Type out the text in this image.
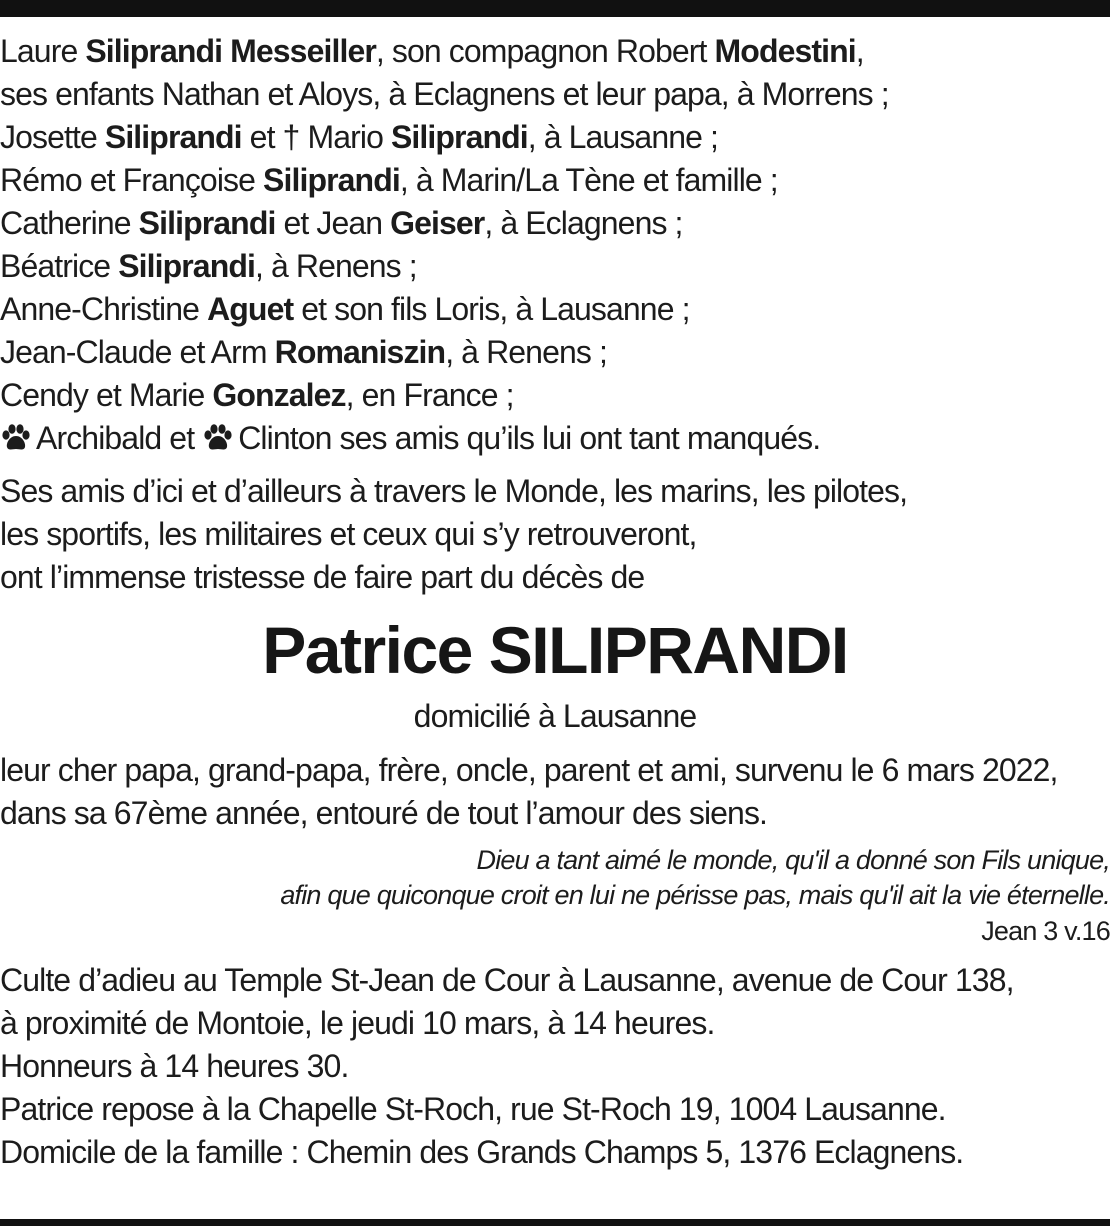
Laure Siliprandi Messeiller, son compagnon Robert Modestini,
ses enfants Nathan et Aloys, à Eclagnens et leur papa, à Morrens ;
Josette Siliprandi et † Mario Siliprandi, à Lausanne ;
Rémo et Françoise Siliprandi, à Marin/La Tène et famille ;
Catherine Siliprandi et Jean Geiser, à Eclagnens ;
Béatrice Siliprandi, à Renens ;
Anne-Christine Aguet et son fils Loris, à Lausanne ;
Jean-Claude et Arm Romaniszin, à Renens ;
Cendy et Marie Gonzalez, en France ;
Archibald et Clinton ses amis qu’ils lui ont tant manqués.
Ses amis d’ici et d’ailleurs à travers le Monde, les marins, les pilotes,
les sportifs, les militaires et ceux qui s’y retrouveront,
ont l’immense tristesse de faire part du décès de
Patrice SILIPRANDI
domicilié à Lausanne
leur cher papa, grand-papa, frère, oncle, parent et ami, survenu le 6 mars 2022,
dans sa 67ème année, entouré de tout l’amour des siens.
Dieu a tant aimé le monde, qu'il a donné son Fils unique,
afin que quiconque croit en lui ne périsse pas, mais qu'il ait la vie éternelle.
Jean 3 v.16
Culte d’adieu au Temple St-Jean de Cour à Lausanne, avenue de Cour 138,
à proximité de Montoie, le jeudi 10 mars, à 14 heures.
Honneurs à 14 heures 30.
Patrice repose à la Chapelle St-Roch, rue St-Roch 19, 1004 Lausanne.
Domicile de la famille : Chemin des Grands Champs 5, 1376 Eclagnens.
